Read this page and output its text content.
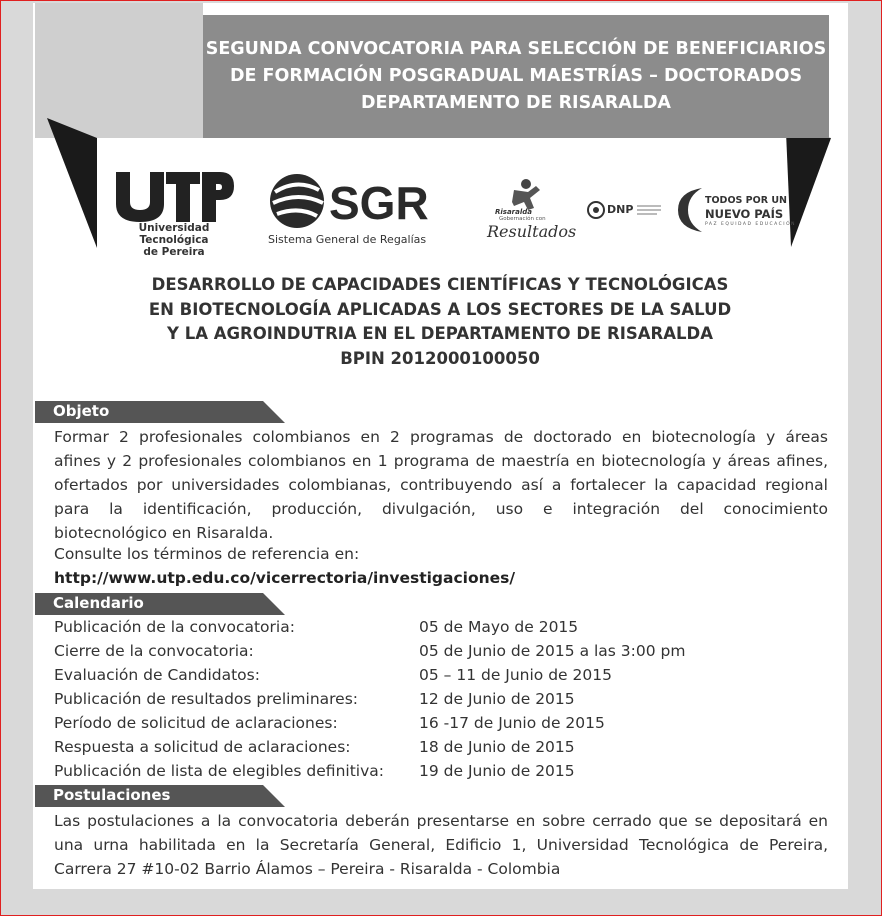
SEGUNDA CONVOCATORIA PARA SELECCIÓN DE BENEFICIARIOS
DE FORMACIÓN POSGRADUAL MAESTRÍAS – DOCTORADOS
DEPARTAMENTO DE RISARALDA
Universidad Tecnológica
de Pereira
SGR
Sistema General de Regalías
Risaralda
Gobernación con
Resultados
DNP
TODOS POR UN
NUEVO PAÍS
PAZ EQUIDAD EDUCACIÓN
DESARROLLO DE CAPACIDADES CIENTÍFICAS Y TECNOLÓGICAS
EN BIOTECNOLOGÍA APLICADAS A LOS SECTORES DE LA SALUD
Y LA AGROINDUTRIA EN EL DEPARTAMENTO DE RISARALDA
BPIN 2012000100050
Objeto
Formar 2 profesionales colombianos en 2 programas de doctorado en biotecnología y áreas
afines y 2 profesionales colombianos en 1 programa de maestría en biotecnología y áreas afines,
ofertados por universidades colombianas, contribuyendo así a fortalecer la capacidad regional
para la identificación, producción, divulgación, uso e integración del conocimiento
biotecnológico en Risaralda.
Consulte los términos de referencia en:
http://www.utp.edu.co/vicerrectoria/investigaciones/
Calendario
Publicación de la convocatoria:	05 de Mayo de 2015
Cierre de la convocatoria:	05 de Junio de 2015 a las 3:00 pm
Evaluación de Candidatos:	05 – 11 de Junio de 2015
Publicación de resultados preliminares:	12 de Junio de 2015
Período de solicitud de aclaraciones:	16 -17 de Junio de 2015
Respuesta a solicitud de aclaraciones:	18 de Junio de 2015
Publicación de lista de elegibles definitiva: 19 de Junio de 2015
Postulaciones
Las postulaciones a la convocatoria deberán presentarse en sobre cerrado que se depositará en
una urna habilitada en la Secretaría General, Edificio 1, Universidad Tecnológica de Pereira,
Carrera 27 #10-02 Barrio Álamos – Pereira - Risaralda - Colombia
